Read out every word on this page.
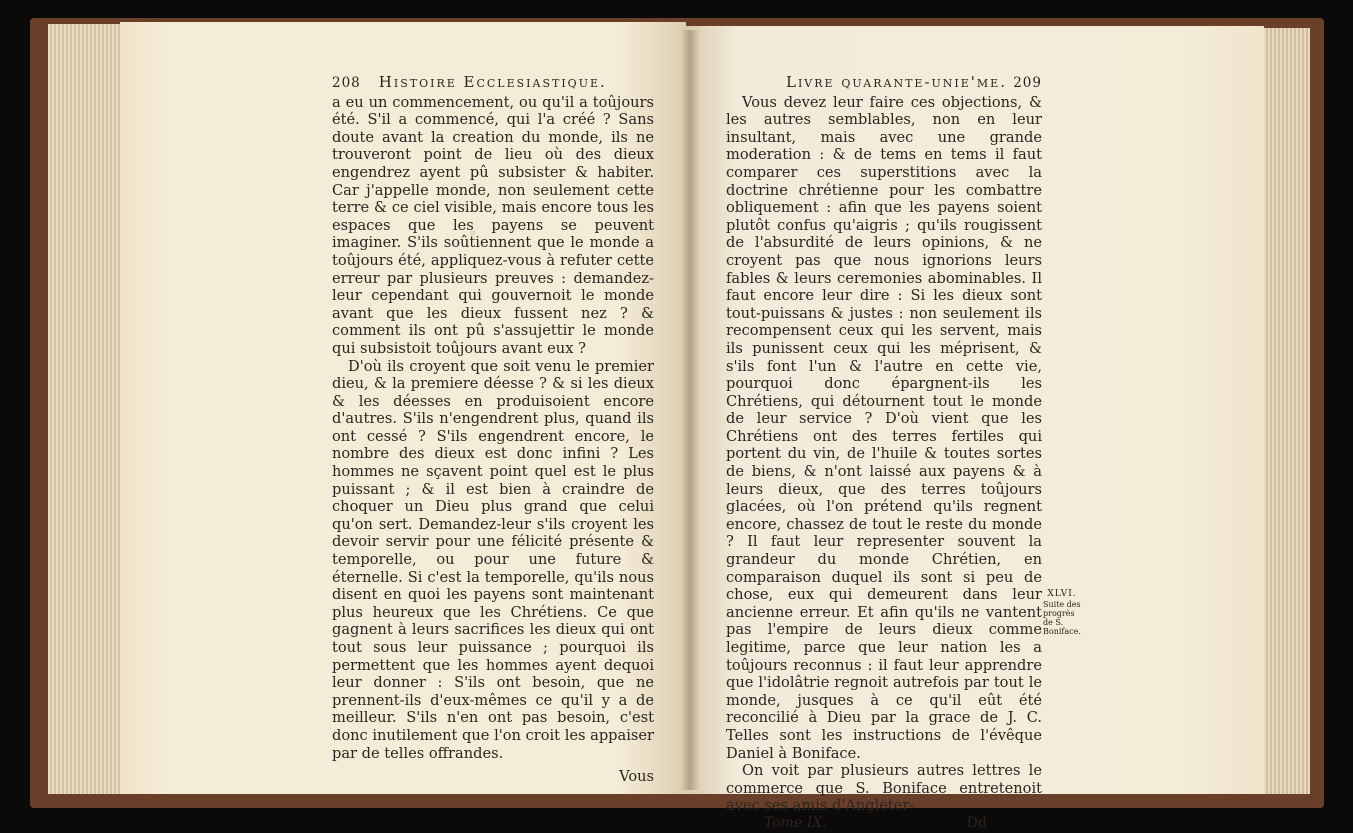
208 Histoire Ecclesiastique.

a eu un commencement, ou qu'il a toûjours été. S'il a commencé, qui l'a créé ? Sans doute avant la creation du monde, ils ne trouveront point de lieu où des dieux engendrez ayent pû subsister & habiter. Car j'appelle monde, non seulement cette terre & ce ciel visible, mais encore tous les espaces que les payens se peuvent imaginer. S'ils soûtiennent que le monde a toûjours été, appliquez-vous à refuter cette erreur par plusieurs preuves : demandez-leur cependant qui gouvernoit le monde avant que les dieux fussent nez ? & comment ils ont pû s'assujettir le monde qui subsistoit toûjours avant eux ?

D'où ils croyent que soit venu le premier dieu, & la premiere déesse ? & si les dieux & les déesses en produisoient encore d'autres. S'ils n'engendrent plus, quand ils ont cessé ? S'ils engendrent encore, le nombre des dieux est donc infini ? Les hommes ne sçavent point quel est le plus puissant ; & il est bien à craindre de choquer un Dieu plus grand que celui qu'on sert. Demandez-leur s'ils croyent les devoir servir pour une félicité présente & temporelle, ou pour une future & éternelle. Si c'est la temporelle, qu'ils nous disent en quoi les payens sont maintenant plus heureux que les Chrétiens. Ce que gagnent à leurs sacrifices les dieux qui ont tout sous leur puissance ; pourquoi ils permettent que les hommes ayent dequoi leur donner : S'ils ont besoin, que ne prennent-ils d'eux-mêmes ce qu'il y a de meilleur. S'ils n'en ont pas besoin, c'est donc inutilement que l'on croit les appaiser par de telles offrandes.

Vous
Livre quarante-unie'me. 209

Vous devez leur faire ces objections, & les autres semblables, non en leur insultant, mais avec une grande moderation : & de tems en tems il faut comparer ces superstitions avec la doctrine chrétienne pour les combattre obliquement : afin que les payens soient plutôt confus qu'aigris ; qu'ils rougissent de l'absurdité de leurs opinions, & ne croyent pas que nous ignorions leurs fables & leurs ceremonies abominables. Il faut encore leur dire : Si les dieux sont tout-puissans & justes : non seulement ils recompensent ceux qui les servent, mais ils punissent ceux qui les méprisent, & s'ils font l'un & l'autre en cette vie, pourquoi donc épargnent-ils les Chrétiens, qui détournent tout le monde de leur service ? D'où vient que les Chrétiens ont des terres fertiles qui portent du vin, de l'huile & toutes sortes de biens, & n'ont laissé aux payens & à leurs dieux, que des terres toûjours glacées, où l'on prétend qu'ils regnent encore, chassez de tout le reste du monde ? Il faut leur representer souvent la grandeur du monde Chrétien, en comparaison duquel ils sont si peu de chose, eux qui demeurent dans leur ancienne erreur. Et afin qu'ils ne vantent pas l'empire de leurs dieux comme legitime, parce que leur nation les a toûjours reconnus : il faut leur apprendre que l'idolâtrie regnoit autrefois par tout le monde, jusques à ce qu'il eût été reconcilié à Dieu par la grace de J. C. Telles sont les instructions de l'évêque Daniel à Boniface.

On voit par plusieurs autres lettres le commerce que S. Boniface entretenoit avec ses amis d'Angleter-

Tome IX.	Dd
XLVI.
Suite des progrès de S. Boniface.
